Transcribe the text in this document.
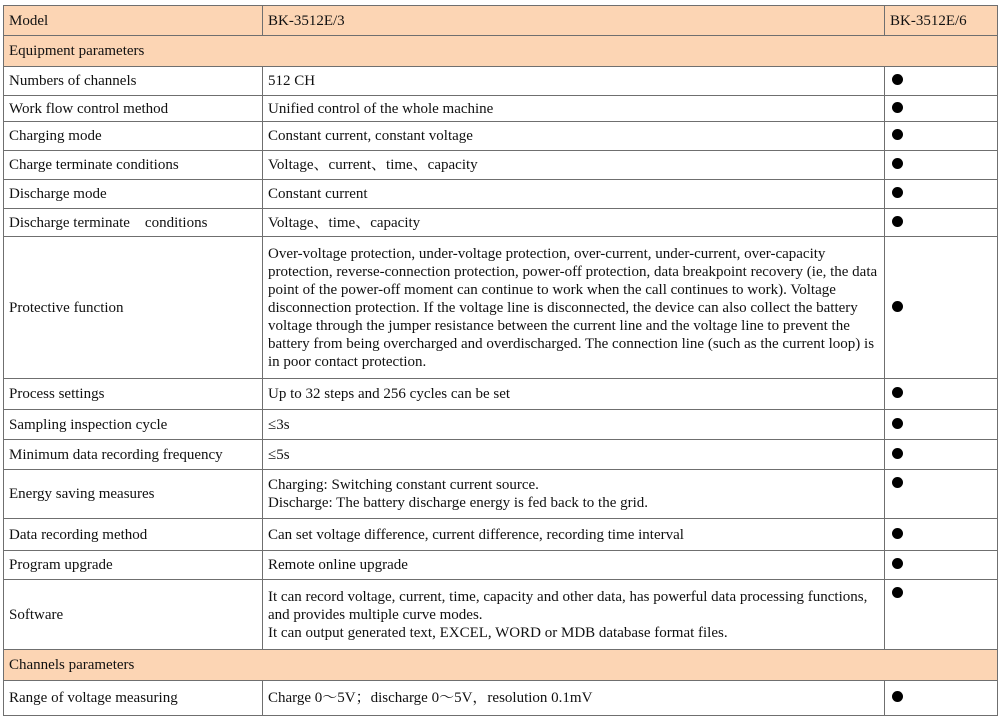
Model	BK-3512E/3	BK-3512E/6
Equipment parameters		
Numbers of channels	512 CH	
Work flow control method	Unified control of the whole machine	
Charging mode	Constant current, constant voltage	
Charge terminate conditions	Voltage、current、time、capacity	
Discharge mode	Constant current	
Discharge terminate    conditions	Voltage、time、capacity	
Protective function	Over-voltage protection, under-voltage protection, over-current, under-current, over-capacity protection, reverse-connection protection, power-off protection, data breakpoint recovery (ie, the data point of the power-off moment can continue to work when the call continues to work). Voltage disconnection protection. If the voltage line is disconnected, the device can also collect the battery voltage through the jumper resistance between the current line and the voltage line to prevent the battery from being overcharged and overdischarged. The connection line (such as the current loop) is in poor contact protection.	
Process settings	Up to 32 steps and 256 cycles can be set	
Sampling inspection cycle	≤3s	
Minimum data recording frequency	≤5s	
Energy saving measures	Charging: Switching constant current source.
Discharge: The battery discharge energy is fed back to the grid.	

Data recording method	Can set voltage difference, current difference, recording time interval	
Program upgrade	Remote online upgrade	
Software	It can record voltage, current, time, capacity and other data, has powerful data processing functions, and provides multiple curve modes.
It can output generated text, EXCEL, WORD or MDB database format files.	

Channels parameters		
Range of voltage measuring	Charge 0～5V；discharge 0～5V，resolution 0.1mV	
